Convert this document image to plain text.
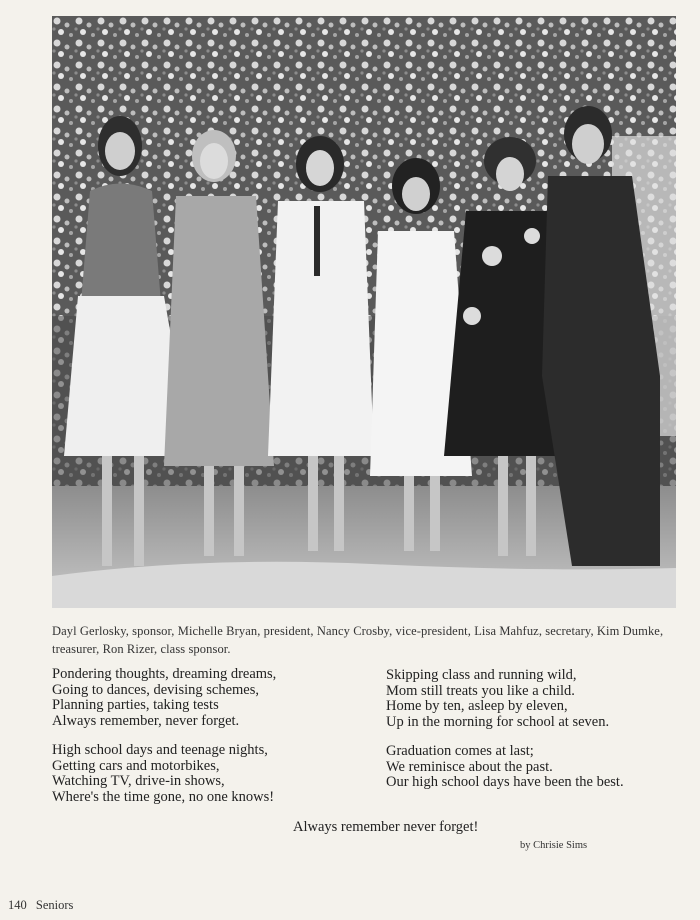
Dayl Gerlosky, sponsor, Michelle Bryan, president, Nancy Crosby, vice-president, Lisa Mahfuz, secretary, Kim Dumke, treasurer, Ron Rizer, class sponsor.
Pondering thoughts, dreaming dreams,
Going to dances, devising schemes,
Planning parties, taking tests
Always remember, never forget.
High school days and teenage nights,
Getting cars and motorbikes,
Watching TV, drive-in shows,
Where's the time gone, no one knows!
Skipping class and running wild,
Mom still treats you like a child.
Home by ten, asleep by eleven,
Up in the morning for school at seven.
Graduation comes at last;
We reminisce about the past.
Our high school days have been the best.
Always remember never forget!
by Chrisie Sims
140 Seniors
